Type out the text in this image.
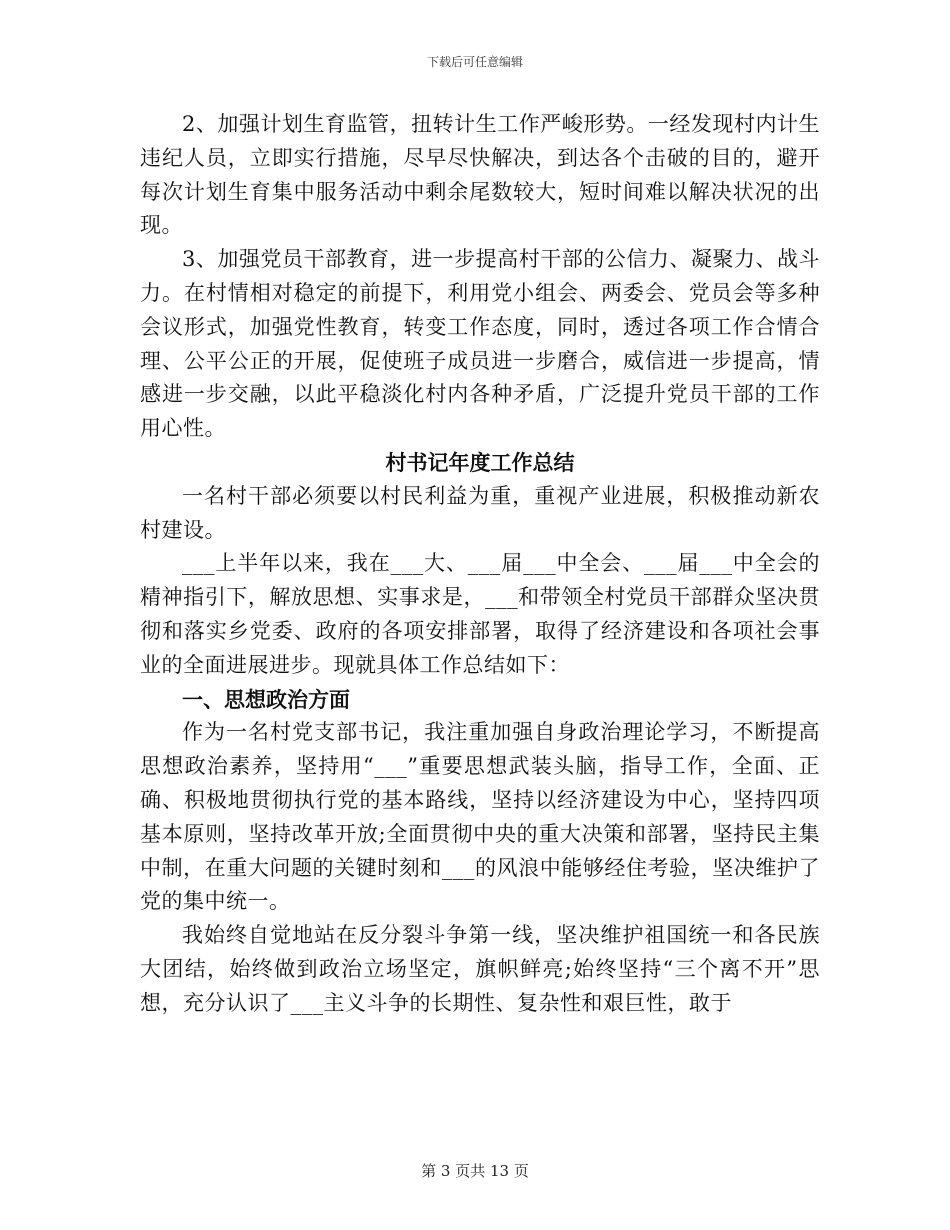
下载后可任意编辑

2、加强计划生育监管，扭转计生工作严峻形势。一经发现村内计生违纪人员，立即实行措施，尽早尽快解决，到达各个击破的目的，避开每次计划生育集中服务活动中剩余尾数较大，短时间难以解决状况的出现。

3、加强党员干部教育，进一步提高村干部的公信力、凝聚力、战斗力。在村情相对稳定的前提下，利用党小组会、两委会、党员会等多种会议形式，加强党性教育，转变工作态度，同时，透过各项工作合情合理、公平公正的开展，促使班子成员进一步磨合，威信进一步提高，情感进一步交融，以此平稳淡化村内各种矛盾，广泛提升党员干部的工作用心性。

村书记年度工作总结

一名村干部必须要以村民利益为重，重视产业进展，积极推动新农村建设。

___上半年以来，我在___大、___届___中全会、___届___中全会的精神指引下，解放思想、实事求是，___和带领全村党员干部群众坚决贯彻和落实乡党委、政府的各项安排部署，取得了经济建设和各项社会事业的全面进展进步。现就具体工作总结如下：

一、思想政治方面

作为一名村党支部书记，我注重加强自身政治理论学习，不断提高思想政治素养，坚持用“___”重要思想武装头脑，指导工作，全面、正确、积极地贯彻执行党的基本路线，坚持以经济建设为中心，坚持四项基本原则，坚持改革开放;全面贯彻中央的重大决策和部署，坚持民主集中制，在重大问题的关键时刻和___的风浪中能够经住考验，坚决维护了党的集中统一。

我始终自觉地站在反分裂斗争第一线，坚决维护祖国统一和各民族大团结，始终做到政治立场坚定，旗帜鲜亮;始终坚持“三个离不开”思想，充分认识了___主义斗争的长期性、复杂性和艰巨性，敢于

第 3 页共 13 页
